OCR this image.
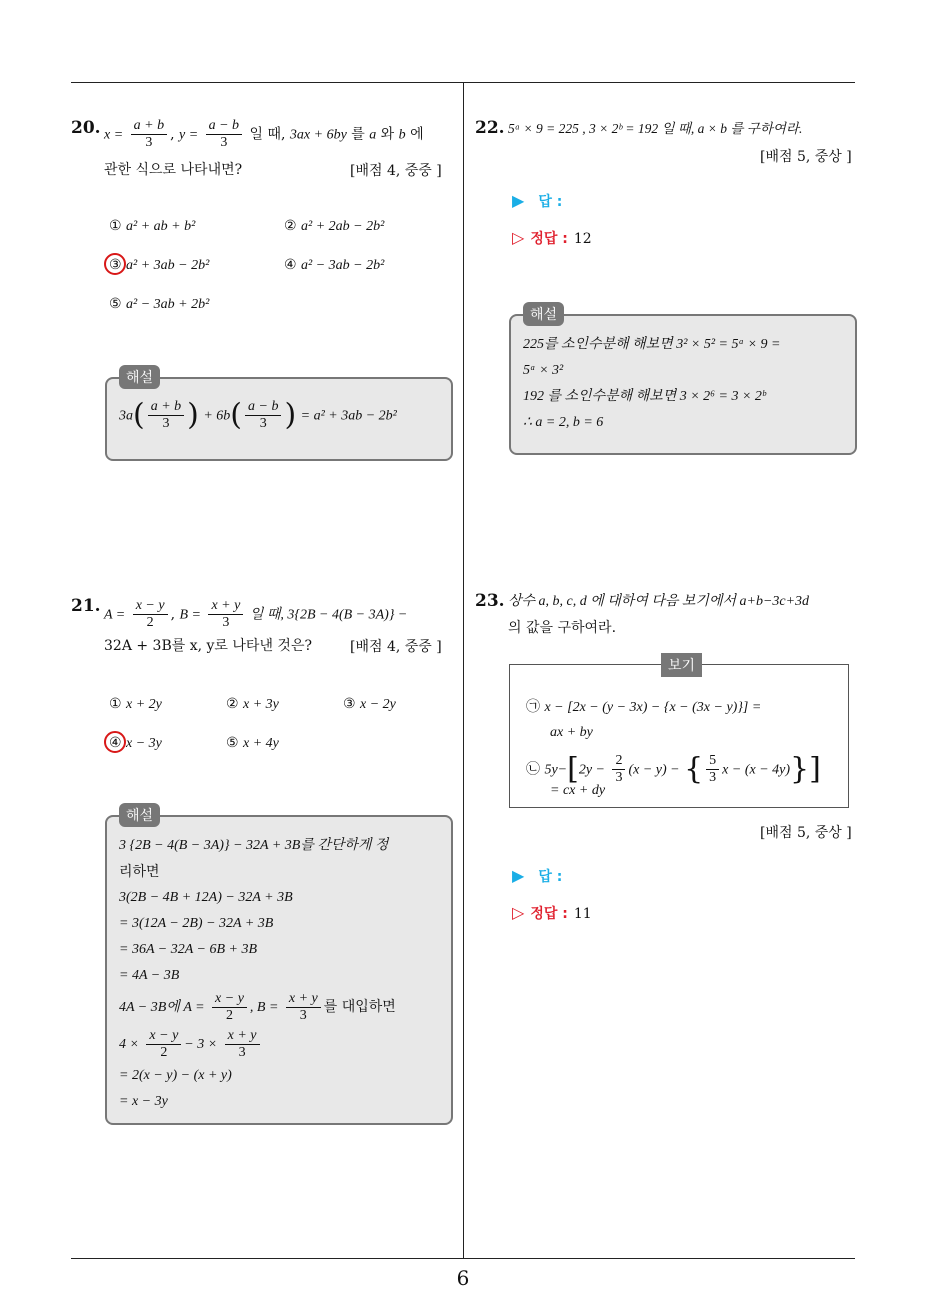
20. $x = \frac{a + b}{3}$ , $y = \frac{a - b}{3}$ 일 때, 3ax + 6by 를 a 와 b 에
관한 식으로 나타내면?	[배점 4, 중중 ]
① a² + ab + b²	② a² + 2ab − 2b²
③ a² + 3ab − 2b²	④ a² − 3ab − 2b²
⑤ a² − 3ab + 2b²
해설
$3a( \frac{a + b}{3}$ ) + $6b( \frac{a - b}{3}$ ) = a² + 3ab − 2b²
21. $A = \frac{x - y}{2}$ , $B = \frac{x + y}{3}$ 일 때, 3{2B − 4(B − 3A)} −
32A + 3B를 x, y로 나타낸 것은?	[배점 4, 중중 ]
① x + 2y	② x + 3y	③ x − 2y
④ x − 3y	⑤ x + 4y
해설
3 {2B − 4(B − 3A)} − 32A + 3B를 간단하게 정
리하면
3(2B − 4B + 12A) − 32A + 3B
= 3(12A − 2B) − 32A + 3B
= 36A − 32A − 6B + 3B
= 4A − 3B
4A − 3B에 $A = \frac{x - y}{2}$ , $B = \frac{x + y}{3}$ 를 대입하면
$4 \times \frac{x - y}{2} - 3 \times \frac{x + y}{3}$
= 2(x − y) − (x + y)
= x − 3y
22. 5ᵃ × 9 = 225 , 3 × 2ᵇ = 192 일 때, a × b 를 구하여라.
[배점 5, 중상 ]
▶ 답 :
▷ 정답 : 12
해설
225를 소인수분해 해보면 3² × 5² = 5ᵃ × 9 =
5ᵃ × 3²
192 를 소인수분해 해보면 3 × 2⁶ = 3 × 2ᵇ
∴ a = 2, b = 6
23. 상수 a, b, c, d 에 대하여 다음 보기에서 a+b−3c+3d
의 값을 구하여라.
보기
㉠ x − [2x − (y − 3x) − {x − (3x − y)}] =
ax + by
㉡ $5y-[2y - \frac{2}{3} (x - y)$ − { $\frac{5}{3}$ x − (x − 4y)}]
= cx + dy
[배점 5, 중상 ]
▶ 답 :
▷ 정답 : 11
6
